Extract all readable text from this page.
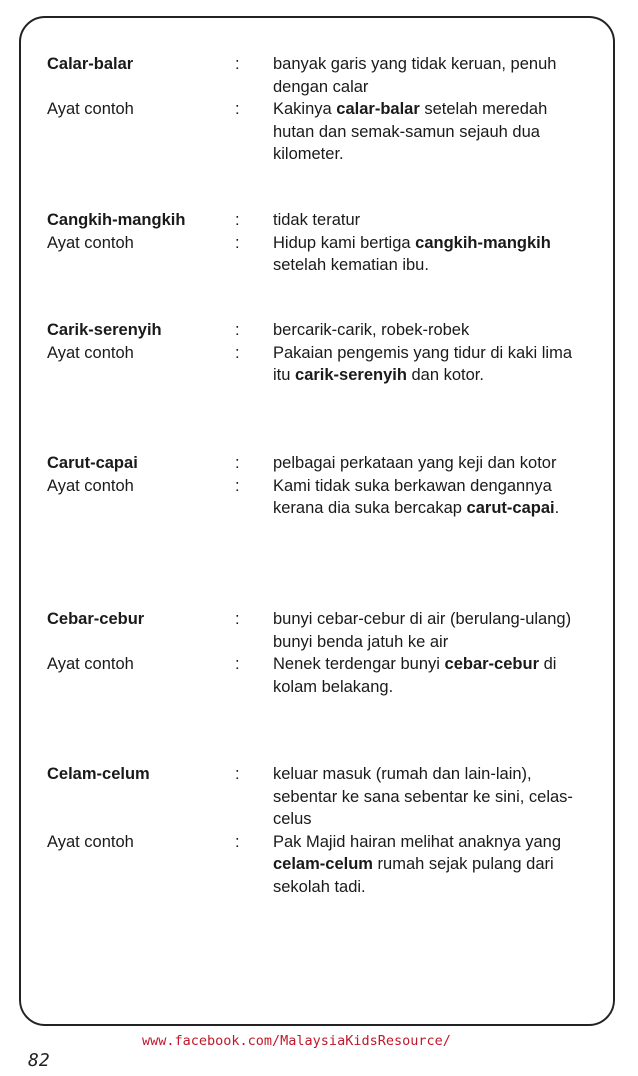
Calar-balar	:	banyak garis yang tidak keruan, penuh dengan calar
Ayat contoh	:	Kakinya calar-balar setelah meredah hutan dan semak-samun sejauh dua kilometer.
Cangkih-mangkih	:	tidak teratur
Ayat contoh	:	Hidup kami bertiga cangkih-mangkih setelah kematian ibu.
Carik-serenyih	:	bercarik-carik, robek-robek
Ayat contoh	:	Pakaian pengemis yang tidur di kaki lima itu carik-serenyih dan kotor.
Carut-capai	:	pelbagai perkataan yang keji dan kotor
Ayat contoh	:	Kami tidak suka berkawan dengannya kerana dia suka bercakap carut-capai.
Cebar-cebur	:	bunyi cebar-cebur di air (berulang-ulang) bunyi benda jatuh ke air
Ayat contoh	:	Nenek terdengar bunyi cebar-cebur di kolam belakang.
Celam-celum	:	keluar masuk (rumah dan lain-lain), sebentar ke sana sebentar ke sini, celas-celus
Ayat contoh	:	Pak Majid hairan melihat anaknya yang celam-celum rumah sejak pulang dari sekolah tadi.
www.facebook.com/MalaysiaKidsResource/
82
